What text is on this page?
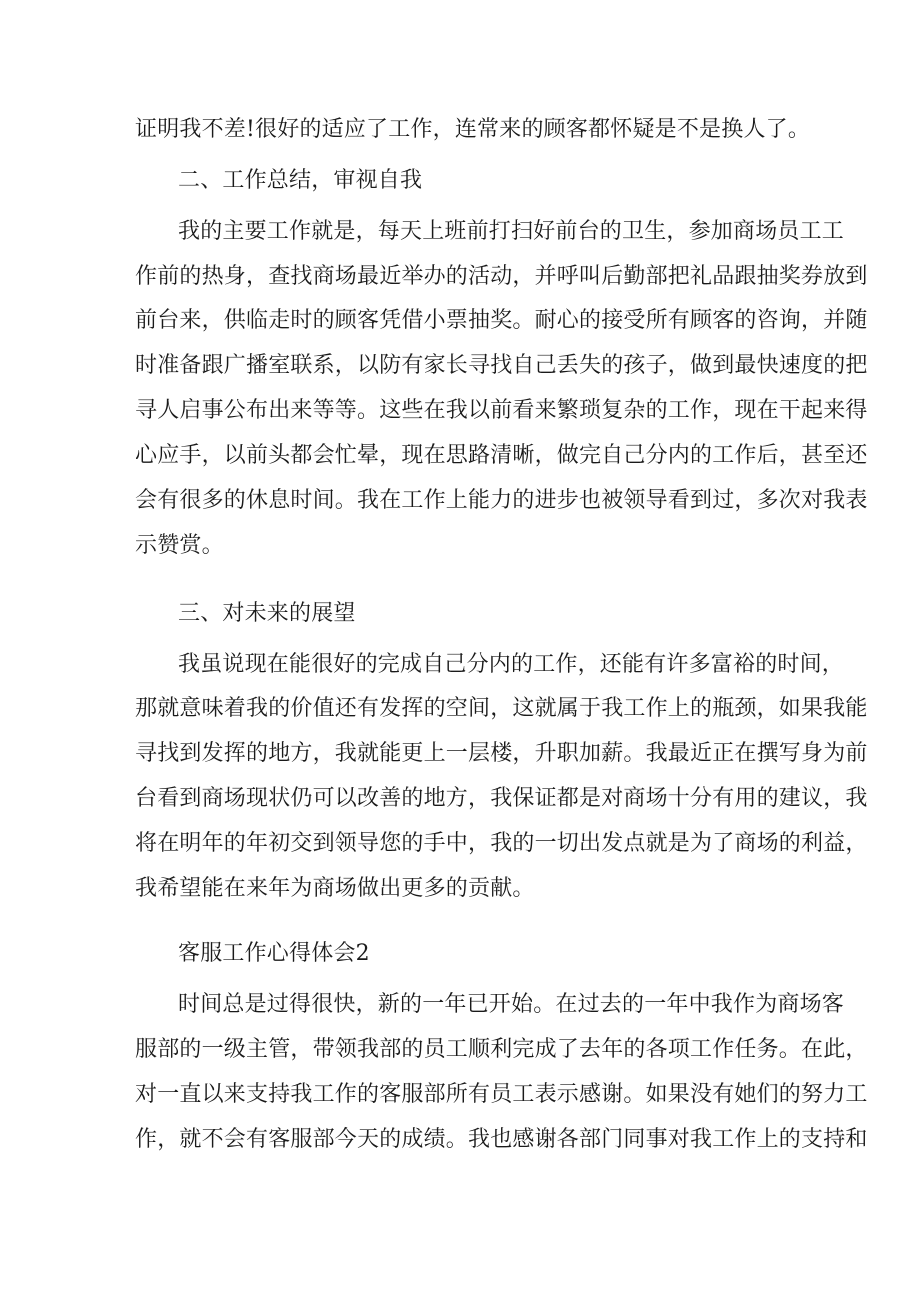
证明我不差!很好的适应了工作，连常来的顾客都怀疑是不是换人了。
二、工作总结，审视自我
我的主要工作就是，每天上班前打扫好前台的卫生，参加商场员工工
作前的热身，查找商场最近举办的活动，并呼叫后勤部把礼品跟抽奖券放到
前台来，供临走时的顾客凭借小票抽奖。耐心的接受所有顾客的咨询，并随
时准备跟广播室联系，以防有家长寻找自己丢失的孩子，做到最快速度的把
寻人启事公布出来等等。这些在我以前看来繁琐复杂的工作，现在干起来得
心应手，以前头都会忙晕，现在思路清晰，做完自己分内的工作后，甚至还
会有很多的休息时间。我在工作上能力的进步也被领导看到过，多次对我表
示赞赏。
三、对未来的展望
我虽说现在能很好的完成自己分内的工作，还能有许多富裕的时间，
那就意味着我的价值还有发挥的空间，这就属于我工作上的瓶颈，如果我能
寻找到发挥的地方，我就能更上一层楼，升职加薪。我最近正在撰写身为前
台看到商场现状仍可以改善的地方，我保证都是对商场十分有用的建议，我
将在明年的年初交到领导您的手中，我的一切出发点就是为了商场的利益，
我希望能在来年为商场做出更多的贡献。
客服工作心得体会2
时间总是过得很快，新的一年已开始。在过去的一年中我作为商场客
服部的一级主管，带领我部的员工顺利完成了去年的各项工作任务。在此，
对一直以来支持我工作的客服部所有员工表示感谢。如果没有她们的努力工
作，就不会有客服部今天的成绩。我也感谢各部门同事对我工作上的支持和
